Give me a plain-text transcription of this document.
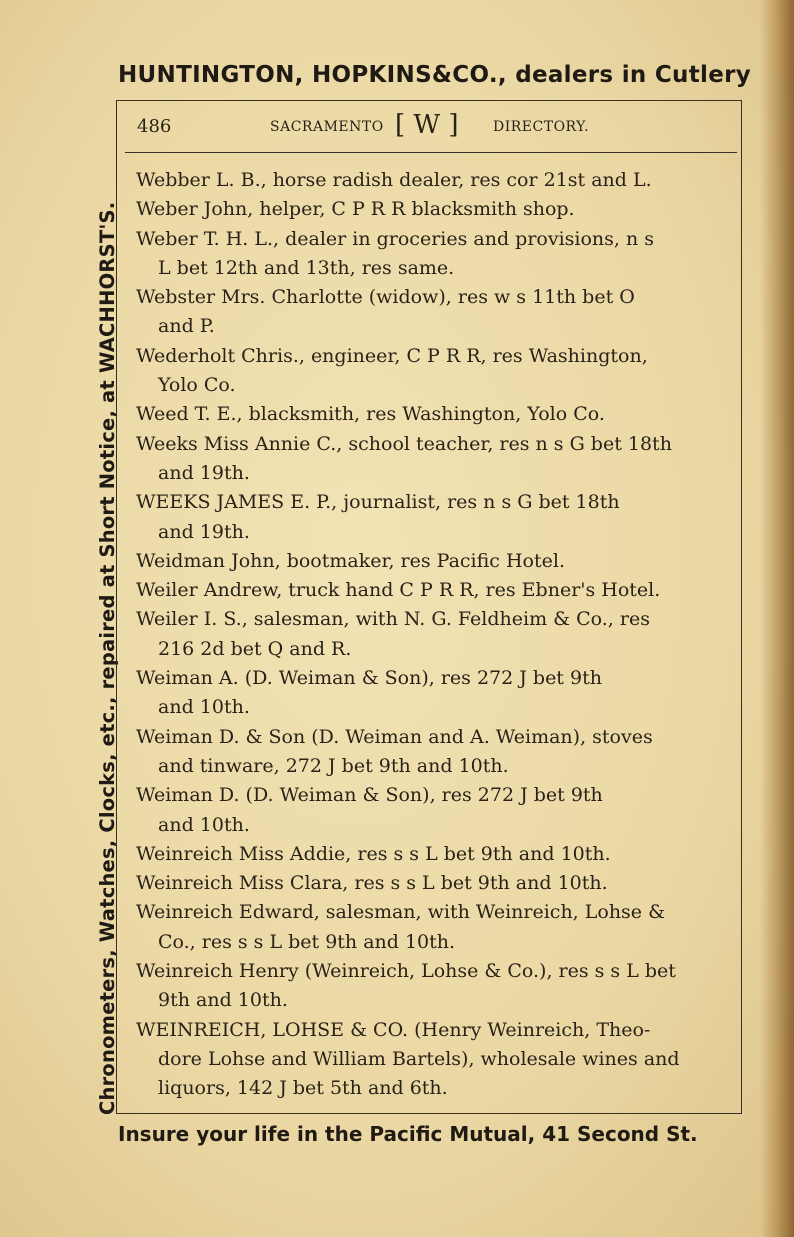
HUNTINGTON, HOPKINS&CO., dealers in Cutlery
Chronometers, Watches, Clocks, etc., repaired at Short Notice, at WACHHORST'S.
486	SACRAMENTO [ W ] DIRECTORY.
Webber L. B., horse radish dealer, res cor 21st and L.
Weber John, helper, C P R R blacksmith shop.
Weber T. H. L., dealer in groceries and provisions, n s
L bet 12th and 13th, res same.
Webster Mrs. Charlotte (widow), res w s 11th bet O
and P.
Wederholt Chris., engineer, C P R R, res Washington,
Yolo Co.
Weed T. E., blacksmith, res Washington, Yolo Co.
Weeks Miss Annie C., school teacher, res n s G bet 18th
and 19th.
WEEKS JAMES E. P., journalist, res n s G bet 18th
and 19th.
Weidman John, bootmaker, res Pacific Hotel.
Weiler Andrew, truck hand C P R R, res Ebner's Hotel.
Weiler I. S., salesman, with N. G. Feldheim & Co., res
216 2d bet Q and R.
Weiman A. (D. Weiman & Son), res 272 J bet 9th
and 10th.
Weiman D. & Son (D. Weiman and A. Weiman), stoves
and tinware, 272 J bet 9th and 10th.
Weiman D. (D. Weiman & Son), res 272 J bet 9th
and 10th.
Weinreich Miss Addie, res s s L bet 9th and 10th.
Weinreich Miss Clara, res s s L bet 9th and 10th.
Weinreich Edward, salesman, with Weinreich, Lohse &
Co., res s s L bet 9th and 10th.
Weinreich Henry (Weinreich, Lohse & Co.), res s s L bet
9th and 10th.
WEINREICH, LOHSE & CO. (Henry Weinreich, Theo-
dore Lohse and William Bartels), wholesale wines and
liquors, 142 J bet 5th and 6th.
Insure your life in the Pacific Mutual, 41 Second St.
